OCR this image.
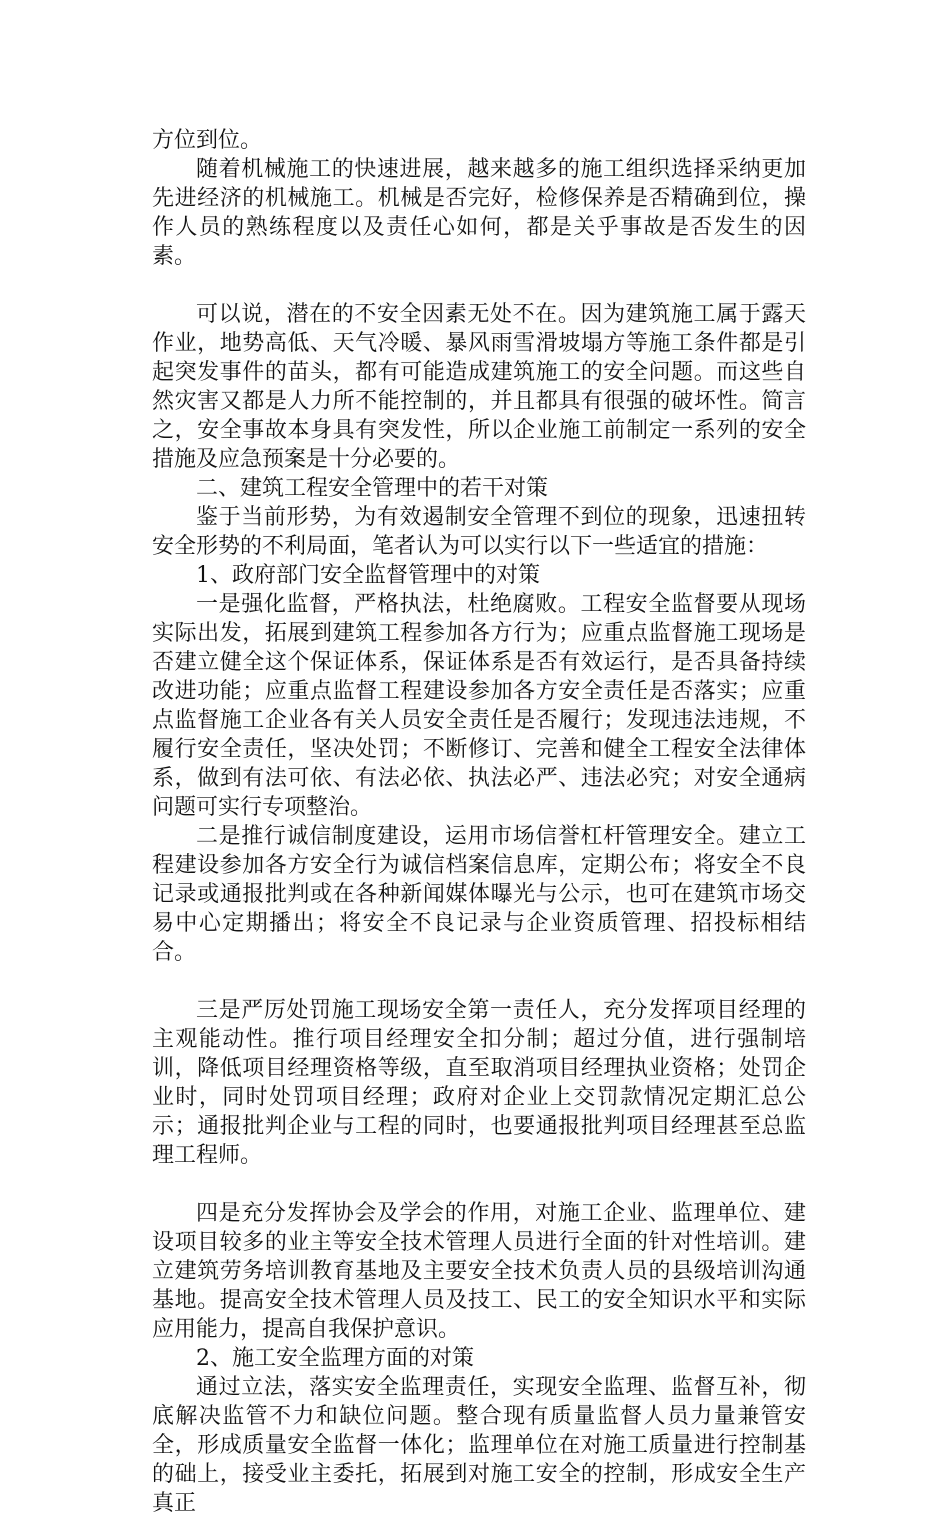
方位到位。

随着机械施工的快速进展，越来越多的施工组织选择采纳更加先进经济的机械施工。机械是否完好，检修保养是否精确到位，操作人员的熟练程度以及责任心如何，都是关乎事故是否发生的因素。

可以说，潜在的不安全因素无处不在。因为建筑施工属于露天作业，地势高低、天气冷暖、暴风雨雪滑坡塌方等施工条件都是引起突发事件的苗头，都有可能造成建筑施工的安全问题。而这些自然灾害又都是人力所不能控制的，并且都具有很强的破坏性。简言之，安全事故本身具有突发性，所以企业施工前制定一系列的安全措施及应急预案是十分必要的。

二、建筑工程安全管理中的若干对策

鉴于当前形势，为有效遏制安全管理不到位的现象，迅速扭转安全形势的不利局面，笔者认为可以实行以下一些适宜的措施：

1、政府部门安全监督管理中的对策

一是强化监督，严格执法，杜绝腐败。工程安全监督要从现场实际出发，拓展到建筑工程参加各方行为；应重点监督施工现场是否建立健全这个保证体系，保证体系是否有效运行，是否具备持续改进功能；应重点监督工程建设参加各方安全责任是否落实；应重点监督施工企业各有关人员安全责任是否履行；发现违法违规，不履行安全责任，坚决处罚；不断修订、完善和健全工程安全法律体系，做到有法可依、有法必依、执法必严、违法必究；对安全通病问题可实行专项整治。

二是推行诚信制度建设，运用市场信誉杠杆管理安全。建立工程建设参加各方安全行为诚信档案信息库，定期公布；将安全不良记录或通报批判或在各种新闻媒体曝光与公示，也可在建筑市场交易中心定期播出；将安全不良记录与企业资质管理、招投标相结合。

三是严厉处罚施工现场安全第一责任人，充分发挥项目经理的主观能动性。推行项目经理安全扣分制；超过分值，进行强制培训，降低项目经理资格等级，直至取消项目经理执业资格；处罚企业时，同时处罚项目经理；政府对企业上交罚款情况定期汇总公示；通报批判企业与工程的同时，也要通报批判项目经理甚至总监理工程师。

四是充分发挥协会及学会的作用，对施工企业、监理单位、建设项目较多的业主等安全技术管理人员进行全面的针对性培训。建立建筑劳务培训教育基地及主要安全技术负责人员的县级培训沟通基地。提高安全技术管理人员及技工、民工的安全知识水平和实际应用能力，提高自我保护意识。

2、施工安全监理方面的对策

通过立法，落实安全监理责任，实现安全监理、监督互补，彻底解决监管不力和缺位问题。整合现有质量监督人员力量兼管安全，形成质量安全监督一体化；监理单位在对施工质量进行控制基的础上，接受业主委托，拓展到对施工安全的控制，形成安全生产真正
